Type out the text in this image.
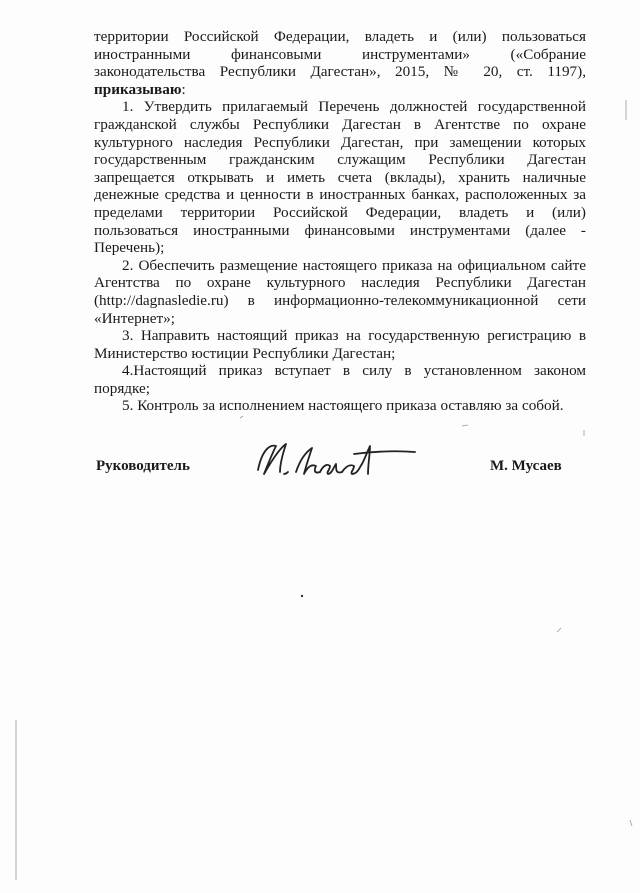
территории Российской Федерации, владеть и (или) пользоваться иностранными финансовыми инструментами» («Собрание законодательства Республики Дагестан», 2015, № 20, ст. 1197), приказываю:

1. Утвердить прилагаемый Перечень должностей государственной гражданской службы Республики Дагестан в Агентстве по охране культурного наследия Республики Дагестан, при замещении которых государственным гражданским служащим Республики Дагестан запрещается открывать и иметь счета (вклады), хранить наличные денежные средства и ценности в иностранных банках, расположенных за пределами территории Российской Федерации, владеть и (или) пользоваться иностранными финансовыми инструментами (далее - Перечень);

2. Обеспечить размещение настоящего приказа на официальном сайте Агентства по охране культурного наследия Республики Дагестан (http://dagnasledie.ru) в информационно-телекоммуникационной сети «Интернет»;

3. Направить настоящий приказ на государственную регистрацию в Министерство юстиции Республики Дагестан;

4.Настоящий приказ вступает в силу в установленном законом порядке;

5. Контроль за исполнением настоящего приказа оставляю за собой.

Руководитель	М. Мусаев
